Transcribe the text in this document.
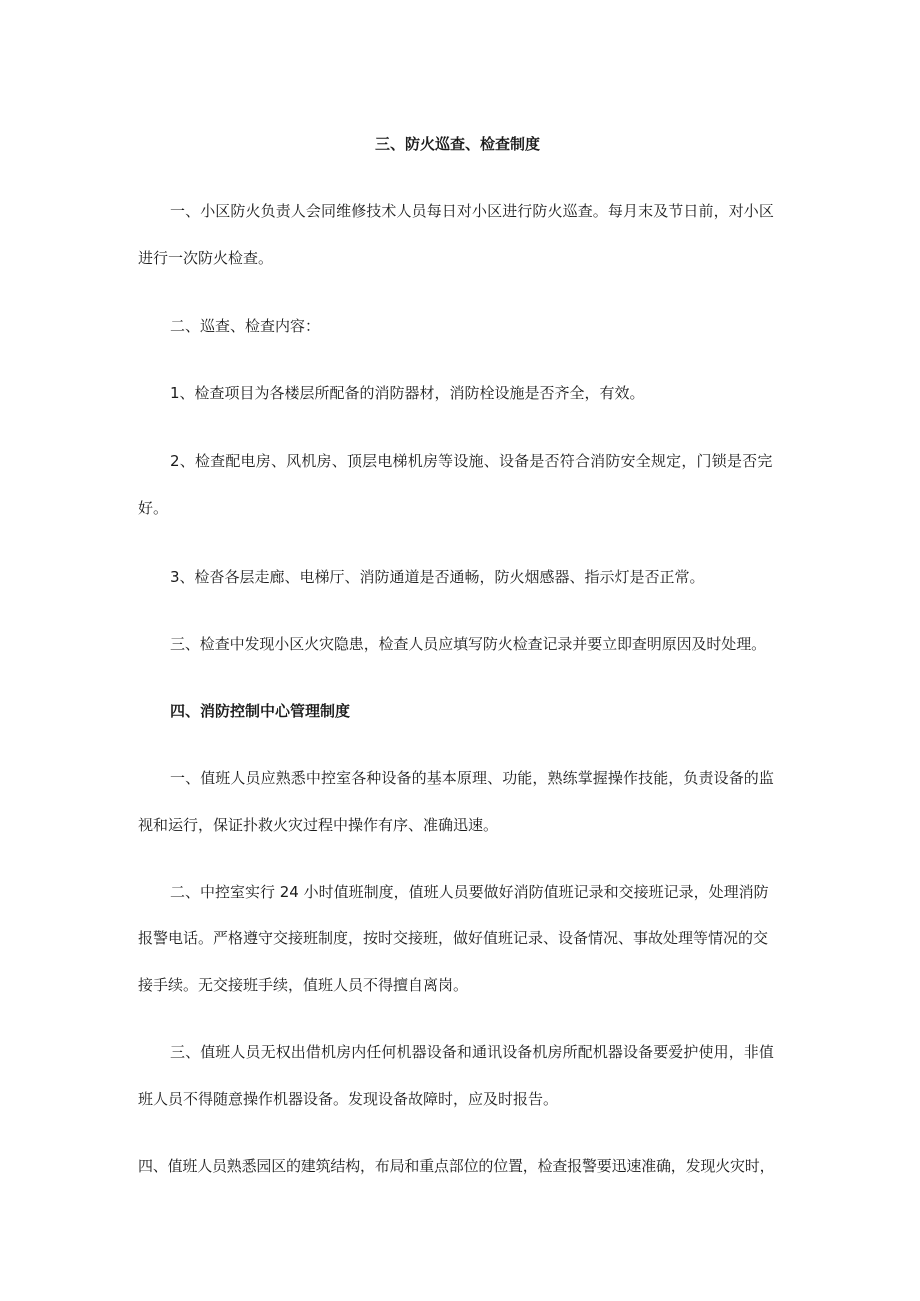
三、防火巡查、检查制度
一、小区防火负责人会同维修技术人员每日对小区进行防火巡查。每月末及节日前，对小区
进行一次防火检查。
二、巡查、检查内容：
1、检查项目为各楼层所配备的消防器材，消防栓设施是否齐全，有效。
2、检查配电房、风机房、顶层电梯机房等设施、设备是否符合消防安全规定，门锁是否完
好。
3、检沓各层走廊、电梯厅、消防通道是否通畅，防火烟感器、指示灯是否正常。
三、检查中发现小区火灾隐患，检查人员应填写防火检查记录并要立即查明原因及时处理。
四、消防控制中心管理制度
一、值班人员应熟悉中控室各种设备的基本原理、功能，熟练掌握操作技能，负责设备的监
视和运行，保证扑救火灾过程中操作有序、准确迅速。
二、中控室实行 24 小时值班制度，值班人员要做好消防值班记录和交接班记录，处理消防
报警电话。严格遵守交接班制度，按时交接班，做好值班记录、设备情况、事故处理等情况的交
接手续。无交接班手续，值班人员不得擅自离岗。
三、值班人员无权出借机房内任何机器设备和通讯设备机房所配机器设备要爱护使用，非值
班人员不得随意操作机器设备。发现设备故障时，应及时报告。
四、值班人员熟悉园区的建筑结构，布局和重点部位的位置，检查报警要迅速准确，发现火灾时，
